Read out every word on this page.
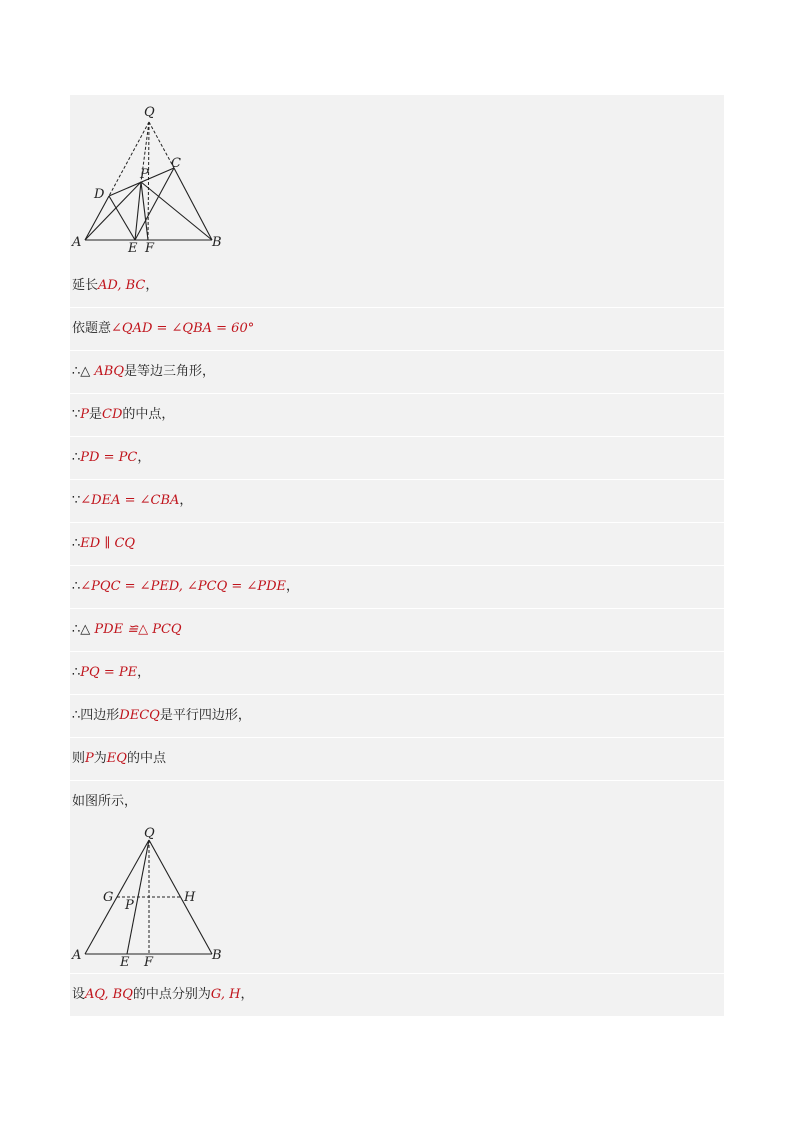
Q
C
P
D
A	E F	B
延长AD, BC，
依题意∠QAD = ∠QBA = 60°
∴△ ABQ是等边三角形，
∵P是CD的中点，
∴PD = PC，
∵∠DEA = ∠CBA，
∴ED ∥ CQ
∴∠PQC = ∠PED, ∠PCQ = ∠PDE，
∴△ PDE ≌△ PCQ
∴PQ = PE，
∴四边形DECQ是平行四边形，
则P为EQ的中点
如图所示，
Q
G
P
H
A	E F	B
设AQ, BQ的中点分别为G, H，
